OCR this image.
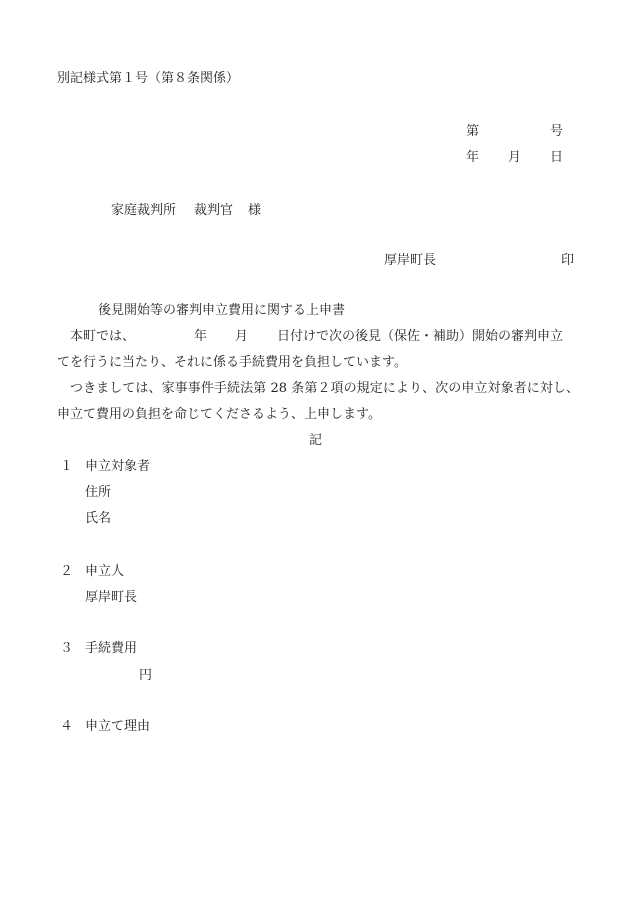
別記様式第１号（第８条関係）
第	号
年 月 日
家庭裁判所 裁判官 様
厚岸町長	印
後見開始等の審判申立費用に関する上申書
本町では、	年 月 日付けで次の後見（保佐・補助）開始の審判申立
てを行うに当たり、それに係る手続費用を負担しています。
つきましては、家事事件手続法第 28 条第２項の規定により、次の申立対象者に対し、申立て費用の負担を命じてくださるよう、上申します。
記
１ 申立対象者
住所
氏名
２ 申立人
厚岸町長
３ 手続費用
円
４ 申立て理由
